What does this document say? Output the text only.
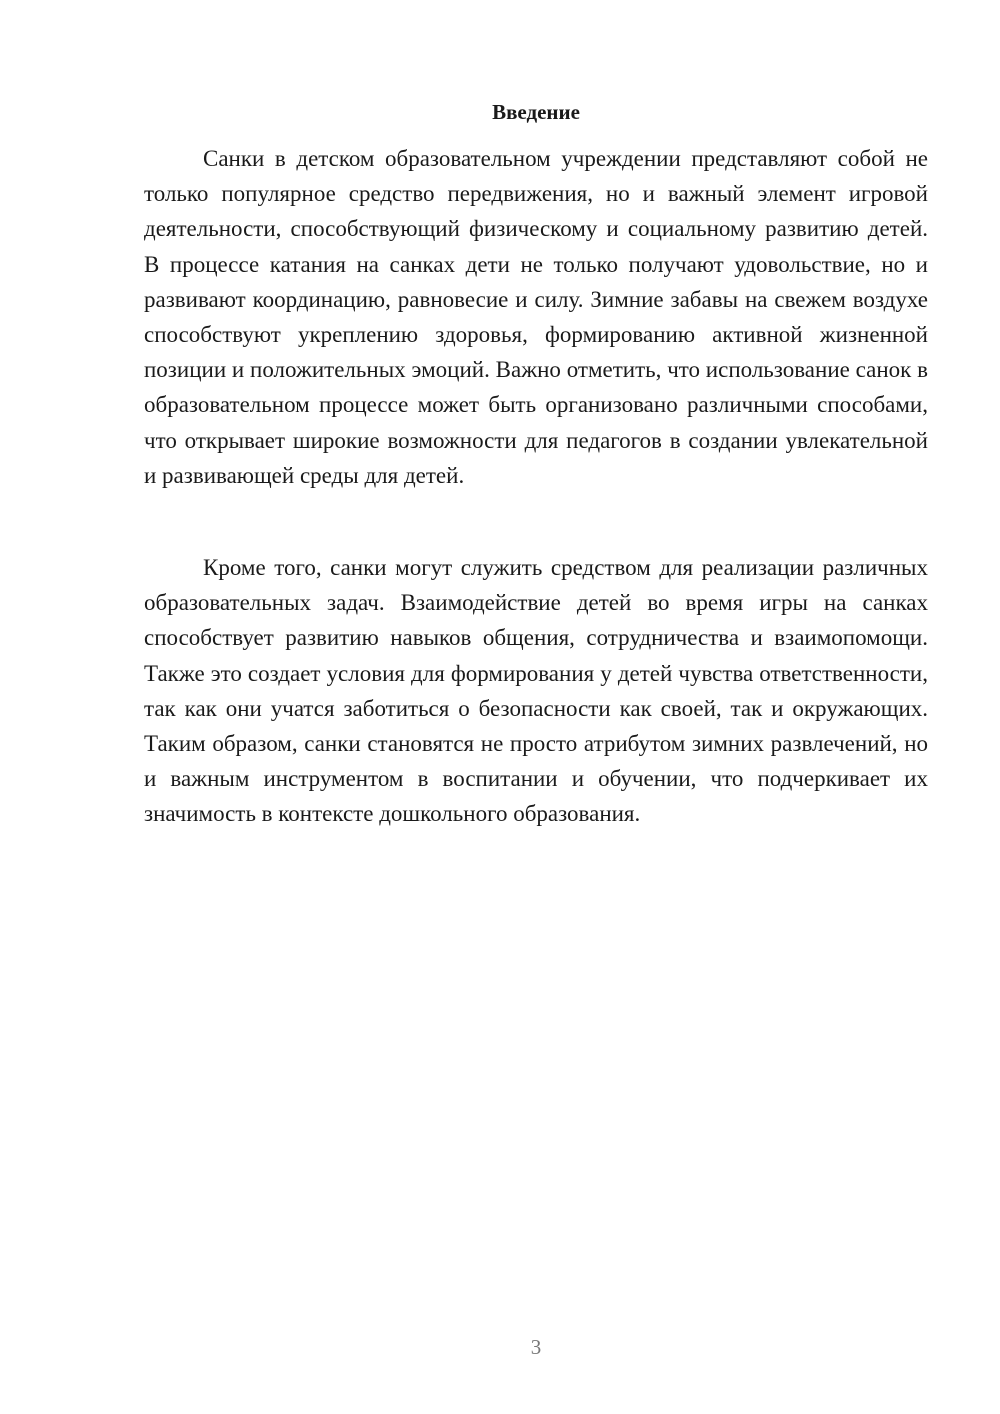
Введение

Санки в детском образовательном учреждении представляют собой не только популярное средство передвижения, но и важный элемент игровой деятельности, способствующий физическому и социальному развитию детей. В процессе катания на санках дети не только получают удовольствие, но и развивают координацию, равновесие и силу. Зимние забавы на свежем воздухе способствуют укреплению здоровья, формированию активной жизненной позиции и положительных эмоций. Важно отметить, что использование санок в образовательном процессе может быть организовано различными способами, что открывает широкие возможности для педагогов в создании увлекательной и развивающей среды для детей.

Кроме того, санки могут служить средством для реализации различных образовательных задач. Взаимодействие детей во время игры на санках способствует развитию навыков общения, сотрудничества и взаимопомощи. Также это создает условия для формирования у детей чувства ответственности, так как они учатся заботиться о безопасности как своей, так и окружающих. Таким образом, санки становятся не просто атрибутом зимних развлечений, но и важным инструментом в воспитании и обучении, что подчеркивает их значимость в контексте дошкольного образования.

3
